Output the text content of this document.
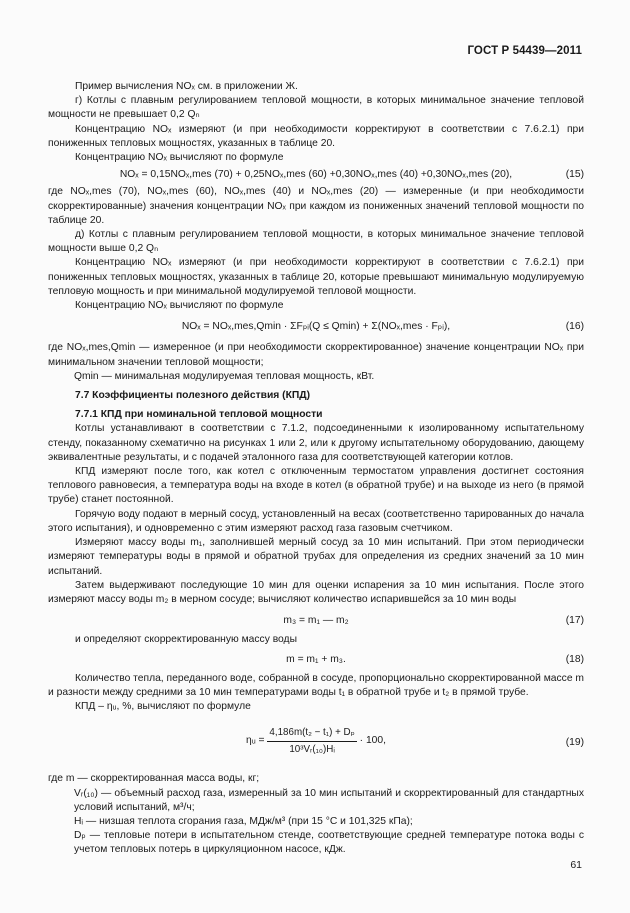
ГОСТ Р 54439—2011

Пример вычисления NOₓ см. в приложении Ж.

г) Котлы с плавным регулированием тепловой мощности, в которых минимальное значение тепловой мощности не превышает 0,2 Qₙ

Концентрацию NOₓ измеряют (и при необходимости корректируют в соответствии с 7.6.2.1) при пониженных тепловых мощностях, указанных в таблице 20.

Концентрацию NOₓ вычисляют по формуле

NOₓ = 0,15NOₓ,mes (70) + 0,25NOₓ,mes (60) +0,30NOₓ,mes (40) +0,30NOₓ,mes (20),	(15)

где NOₓ,mes (70), NOₓ,mes (60), NOₓ,mes (40) и NOₓ,mes (20) — измеренные (и при необходимости скорректированные) значения концентрации NOₓ при каждом из пониженных значений тепловой мощности по таблице 20.

д) Котлы с плавным регулированием тепловой мощности, в которых минимальное значение тепловой мощности выше 0,2 Qₙ

Концентрацию NOₓ измеряют (и при необходимости корректируют в соответствии с 7.6.2.1) при пониженных тепловых мощностях, указанных в таблице 20, которые превышают минимальную модулируемую тепловую мощность и при минимальной модулируемой тепловой мощности.

Концентрацию NOₓ вычисляют по формуле

NOₓ = NOₓ,mes,Qmin · ΣFₚᵢ(Q ≤ Qmin) + Σ(NOₓ,mes · Fₚᵢ),	(16)

где NOₓ,mes,Qmin — измеренное (и при необходимости скорректированное) значение концентрации NOₓ при минимальном значении тепловой мощности;

Qmin — минимальная модулируемая тепловая мощность, кВт.

7.7 Коэффициенты полезного действия (КПД)

7.7.1 КПД при номинальной тепловой мощности

Котлы устанавливают в соответствии с 7.1.2, подсоединенными к изолированному испытательному стенду, показанному схематично на рисунках 1 или 2, или к другому испытательному оборудованию, дающему эквивалентные результаты, и с подачей эталонного газа для соответствующей категории котлов.

КПД измеряют после того, как котел с отключенным термостатом управления достигнет состояния теплового равновесия, а температура воды на входе в котел (в обратной трубе) и на выходе из него (в прямой трубе) станет постоянной.

Горячую воду подают в мерный сосуд, установленный на весах (соответственно тарированных до начала этого испытания), и одновременно с этим измеряют расход газа газовым счетчиком.

Измеряют массу воды m₁, заполнившей мерный сосуд за 10 мин испытаний. При этом периодически измеряют температуры воды в прямой и обратной трубах для определения из средних значений за 10 мин испытаний.

Затем выдерживают последующие 10 мин для оценки испарения за 10 мин испытания. После этого измеряют массу воды m₂ в мерном сосуде; вычисляют количество испарившейся за 10 мин воды

m₃ = m₁ — m₂	(17)

и определяют скорректированную массу воды

m = m₁ + m₃.	(18)

Количество тепла, переданного воде, собранной в сосуде, пропорционально скорректированной массе m и разности между средними за 10 мин температурами воды t₁ в обратной трубе и t₂ в прямой трубе.

КПД – ηᵤ, %, вычисляют по формуле

ηᵤ = $\frac{\text{4,186m(t₂ − t₁) + Dₚ}}{\text{10³Vᵣ(₁₀)Hᵢ}} \cdot 100$,	(19)

где m — скорректированная масса воды, кг;

Vᵣ(₁₀) — объемный расход газа, измеренный за 10 мин испытаний и скорректированный для стандартных условий испытаний, м³/ч;

Hᵢ — низшая теплота сгорания газа, МДж/м³ (при 15 °С и 101,325 кПа);

Dₚ — тепловые потери в испытательном стенде, соответствующие средней температуре потока воды с учетом тепловых потерь в циркуляционном насосе, кДж.

61
